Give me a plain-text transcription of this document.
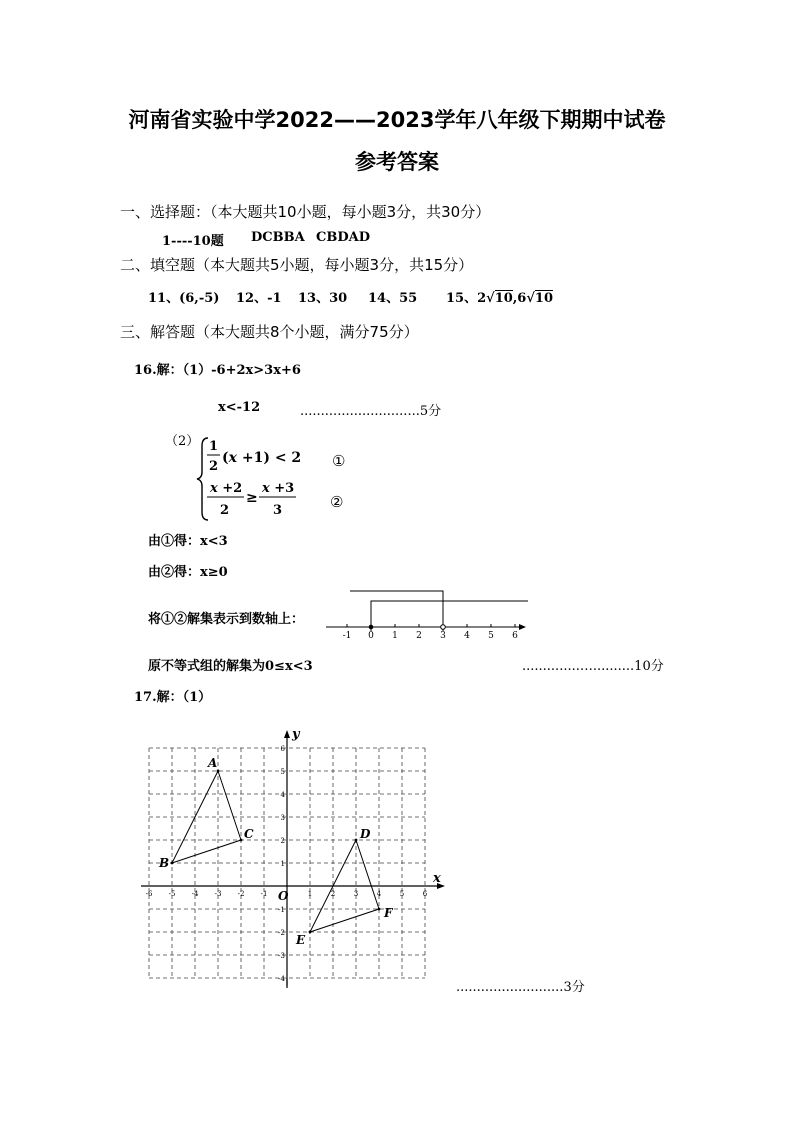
河南省实验中学2022——2023学年八年级下期期中试卷
参考答案
一、选择题：（本大题共10小题，每小题3分，共30分）
1----10题 DCBBA CBDAD
二、填空题（本大题共5小题，每小题3分，共15分）
11、(6,-5) 12、-1 13、30 14、55 15、2√10,6√10
三、解答题（本大题共8个小题，满分75分）
16.解：（1）-6+2x>3x+6
x<-12	.............................5分
（2） 1
2
(x +1) < 2
x +2
2
≥
x +3
3
①
②
由①得：x<3
由②得：x≥0
将①②解集表示到数轴上：
-1 0 1 2 3 4 5 6
原不等式组的解集为0≤x<3	..............…..........10分
17.解：（1）
x
y
O
-6 -5 -4 -3 -2 -1	1	2	3	4	5	6
6
5
4
3
2
1
-1
-2
-3
-4
A
B
C	D
E
F
..........................3分
